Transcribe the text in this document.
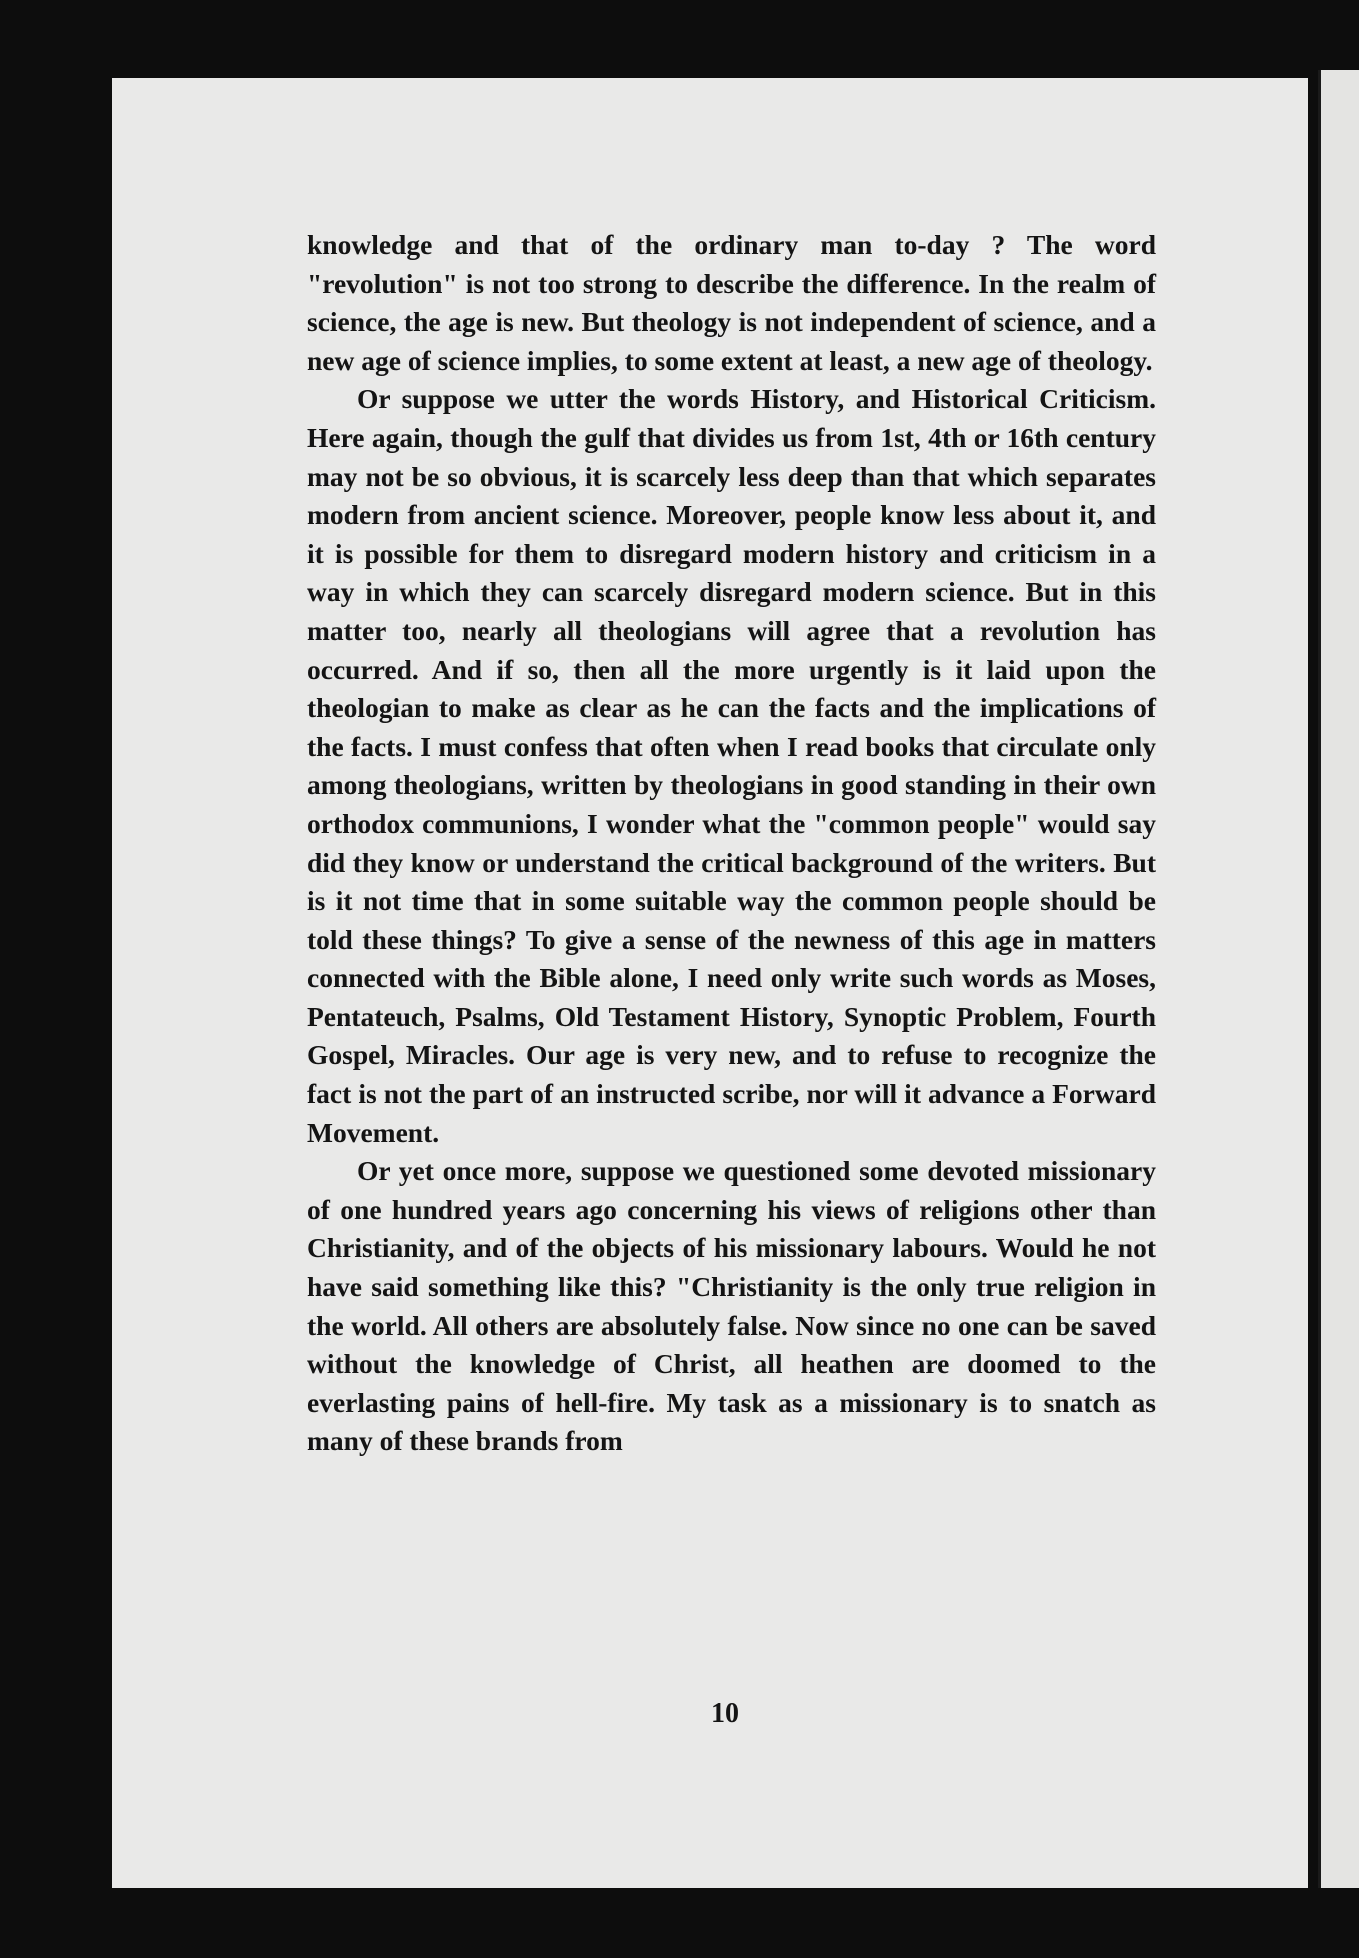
knowledge and that of the ordinary man to-day ? The word "revolution" is not too strong to describe the difference. In the realm of science, the age is new. But theology is not independent of science, and a new age of science implies, to some extent at least, a new age of theology.

Or suppose we utter the words History, and Historical Criticism. Here again, though the gulf that divides us from 1st, 4th or 16th century may not be so obvious, it is scarcely less deep than that which separates modern from ancient science. Moreover, people know less about it, and it is possible for them to disregard modern history and criticism in a way in which they can scarcely disregard modern science. But in this matter too, nearly all theologians will agree that a revolution has occurred. And if so, then all the more urgently is it laid upon the theologian to make as clear as he can the facts and the implications of the facts. I must confess that often when I read books that circulate only among theologians, written by theologians in good standing in their own orthodox communions, I wonder what the "common people" would say did they know or understand the critical background of the writers. But is it not time that in some suitable way the common people should be told these things? To give a sense of the newness of this age in matters connected with the Bible alone, I need only write such words as Moses, Pentateuch, Psalms, Old Testament History, Synoptic Problem, Fourth Gospel, Miracles. Our age is very new, and to refuse to recognize the fact is not the part of an instructed scribe, nor will it advance a Forward Movement.

Or yet once more, suppose we questioned some devoted missionary of one hundred years ago concerning his views of religions other than Christianity, and of the objects of his missionary labours. Would he not have said something like this? "Christianity is the only true religion in the world. All others are absolutely false. Now since no one can be saved without the knowledge of Christ, all heathen are doomed to the everlasting pains of hell-fire. My task as a missionary is to snatch as many of these brands from

10
